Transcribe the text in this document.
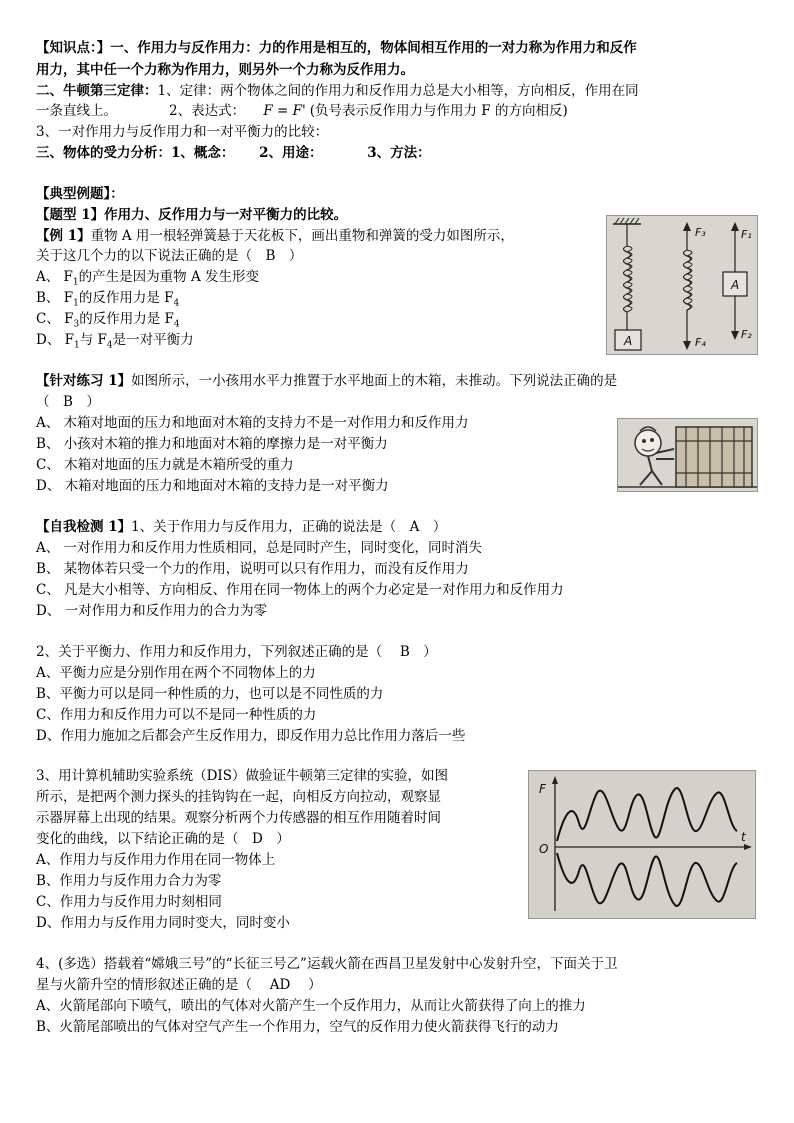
【知识点：】一、作用力与反作用力：力的作用是相互的，物体间相互作用的一对力称为作用力和反作
用力，其中任一个力称为作用力，则另外一个力称为反作用力。
二、牛顿第三定律：1、定律：两个物体之间的作用力和反作用力总是大小相等，方向相反，作用在同
一条直线上。	2、表达式： F = F' (负号表示反作用力与作用力 F 的方向相反)
3、一对作用力与反作用力和一对平衡力的比较：
三、物体的受力分析：1、概念： 2、用途：	3、方法：
【典型例题】：
【题型 1】作用力、反作用力与一对平衡力的比较。
【例 1】重物 A 用一根轻弹簧悬于天花板下，画出重物和弹簧的受力如图所示，
关于这几个力的以下说法正确的是（　B　）
A、 $F_1$的产生是因为重物 A 发生形变
B、 $F_1$的反作用力是 $F_4$
C、 $F_3$的反作用力是 $F_4$
D、 $F_1$与 $F_4$是一对平衡力	A
F₃
F₄
A
F₁
F₂
【针对练习 1】如图所示，一小孩用水平力推置于水平地面上的木箱，未推动。下列说法正确的是
（　B　）
A、 木箱对地面的压力和地面对木箱的支持力不是一对作用力和反作用力
B、 小孩对木箱的推力和地面对木箱的摩擦力是一对平衡力
C、 木箱对地面的压力就是木箱所受的重力
D、 木箱对地面的压力和地面对木箱的支持力是一对平衡力
【自我检测 1】1、关于作用力与反作用力，正确的说法是（　A　）
A、 一对作用力和反作用力性质相同，总是同时产生，同时变化，同时消失
B、 某物体若只受一个力的作用，说明可以只有作用力，而没有反作用力
C、 凡是大小相等、方向相反、作用在同一物体上的两个力必定是一对作用力和反作用力
D、 一对作用力和反作用力的合力为零
2、关于平衡力、作用力和反作用力，下列叙述正确的是（　 B　）
A、平衡力应是分别作用在两个不同物体上的力
B、平衡力可以是同一种性质的力，也可以是不同性质的力
C、作用力和反作用力可以不是同一种性质的力
D、作用力施加之后都会产生反作用力，即反作用力总比作用力落后一些
3、用计算机辅助实验系统（DIS）做验证牛顿第三定律的实验，如图
所示，是把两个测力探头的挂钩钩在一起，向相反方向拉动，观察显
示器屏幕上出现的结果。观察分析两个力传感器的相互作用随着时间
变化的曲线，以下结论正确的是（　D　）
A、作用力与反作用力作用在同一物体上
B、作用力与反作用力合力为零
C、作用力与反作用力时刻相同
D、作用力与反作用力同时变大，同时变小
F
O
t
4、(多选）搭载着“嫦娥三号”的“长征三号乙”运载火箭在西昌卫星发射中心发射升空，下面关于卫
星与火箭升空的情形叙述正确的是（　 AD　 ）
A、火箭尾部向下喷气，喷出的气体对火箭产生一个反作用力，从而让火箭获得了向上的推力
B、火箭尾部喷出的气体对空气产生一个作用力，空气的反作用力使火箭获得飞行的动力
